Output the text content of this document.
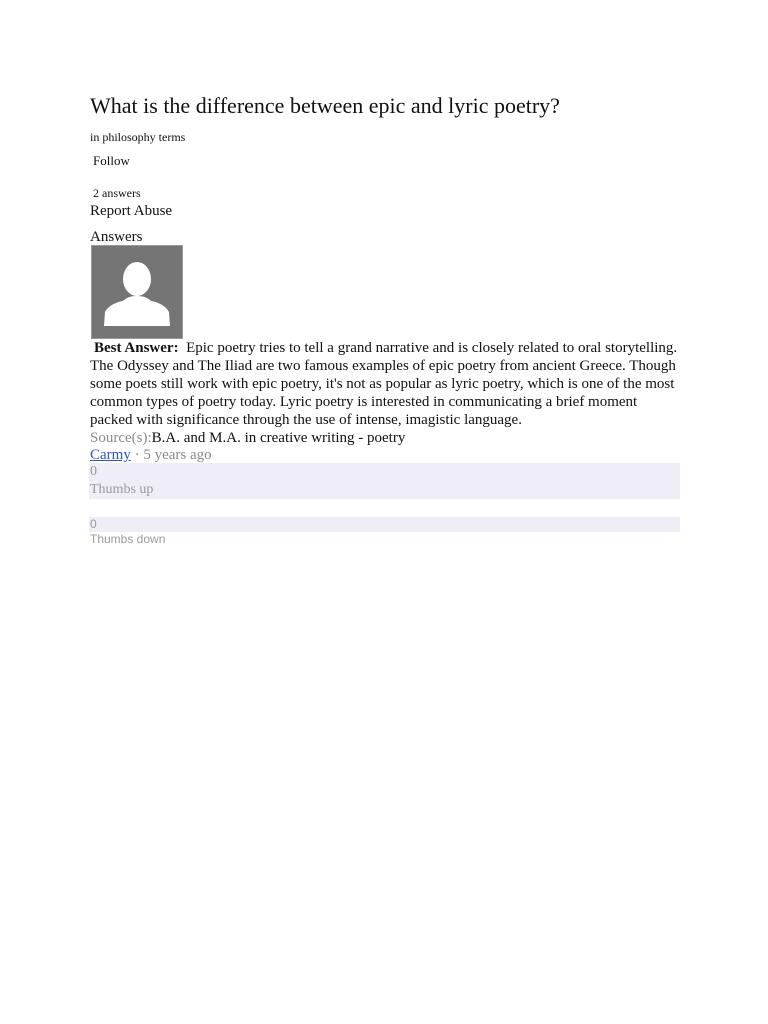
What is the difference between epic and lyric poetry?
in philosophy terms
Follow
2 answers
Report Abuse
Answers
Best Answer: Epic poetry tries to tell a grand narrative and is closely related to oral storytelling. The Odyssey and The Iliad are two famous examples of epic poetry from ancient Greece. Though some poets still work with epic poetry, it's not as popular as lyric poetry, which is one of the most common types of poetry today. Lyric poetry is interested in communicating a brief moment packed with significance through the use of intense, imagistic language.
Source(s):B.A. and M.A. in creative writing - poetry
Carmy · 5 years ago
0
Thumbs up
0
Thumbs down
